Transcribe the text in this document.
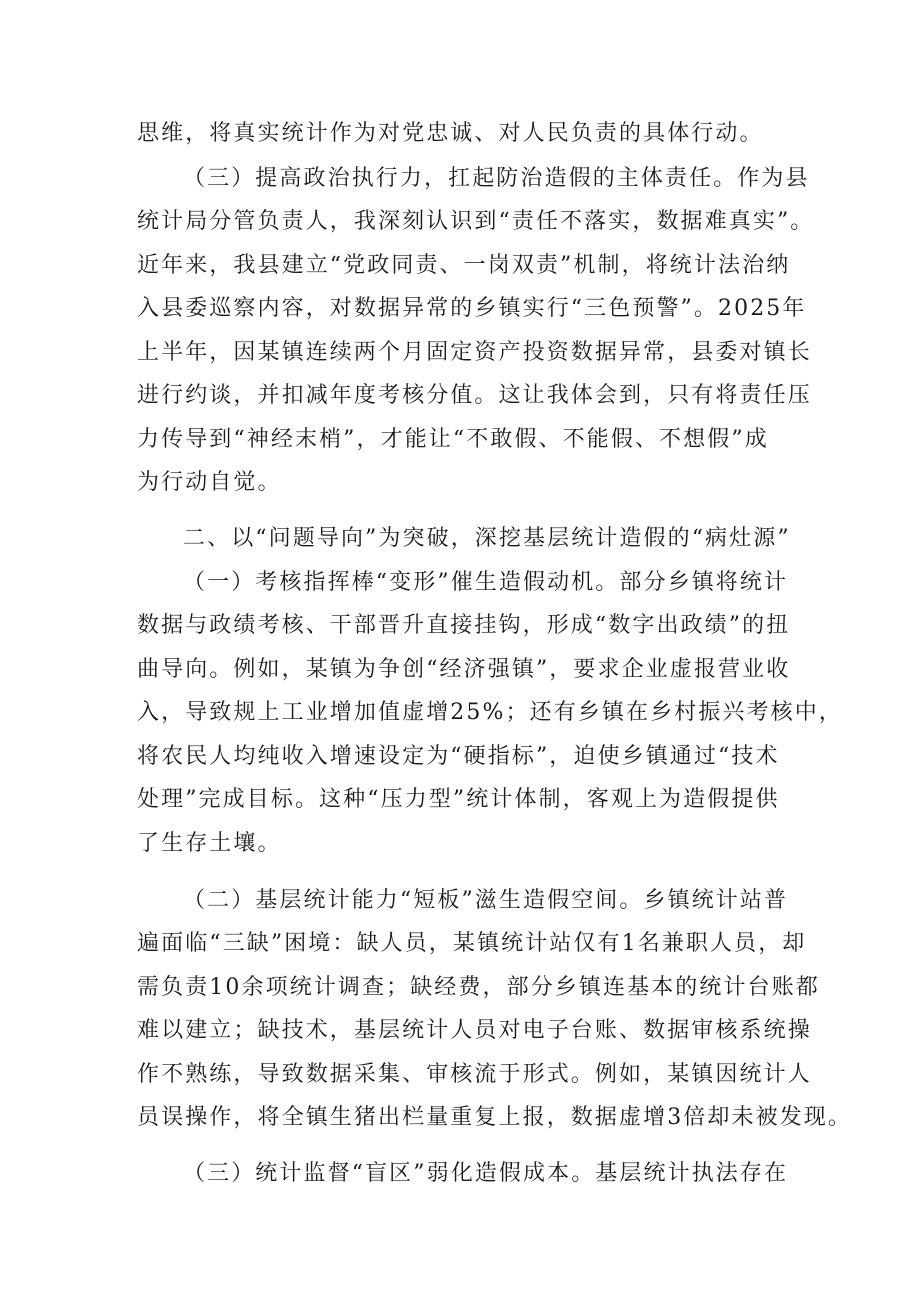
思维，将真实统计作为对党忠诚、对人民负责的具体行动。
（三）提高政治执行力，扛起防治造假的主体责任。作为县
统计局分管负责人，我深刻认识到“责任不落实，数据难真实”。
近年来，我县建立“党政同责、一岗双责”机制，将统计法治纳
入县委巡察内容，对数据异常的乡镇实行“三色预警”。2025年
上半年，因某镇连续两个月固定资产投资数据异常，县委对镇长
进行约谈，并扣减年度考核分值。这让我体会到，只有将责任压
力传导到“神经末梢”，才能让“不敢假、不能假、不想假”成
为行动自觉。
二、以“问题导向”为突破，深挖基层统计造假的“病灶源”
（一）考核指挥棒“变形”催生造假动机。部分乡镇将统计
数据与政绩考核、干部晋升直接挂钩，形成“数字出政绩”的扭
曲导向。例如，某镇为争创“经济强镇”，要求企业虚报营业收
入，导致规上工业增加值虚增25%；还有乡镇在乡村振兴考核中，
将农民人均纯收入增速设定为“硬指标”，迫使乡镇通过“技术
处理”完成目标。这种“压力型”统计体制，客观上为造假提供
了生存土壤。
（二）基层统计能力“短板”滋生造假空间。乡镇统计站普
遍面临“三缺”困境：缺人员，某镇统计站仅有1名兼职人员，却
需负责10余项统计调查；缺经费，部分乡镇连基本的统计台账都
难以建立；缺技术，基层统计人员对电子台账、数据审核系统操
作不熟练，导致数据采集、审核流于形式。例如，某镇因统计人
员误操作，将全镇生猪出栏量重复上报，数据虚增3倍却未被发现。
（三）统计监督“盲区”弱化造假成本。基层统计执法存在
